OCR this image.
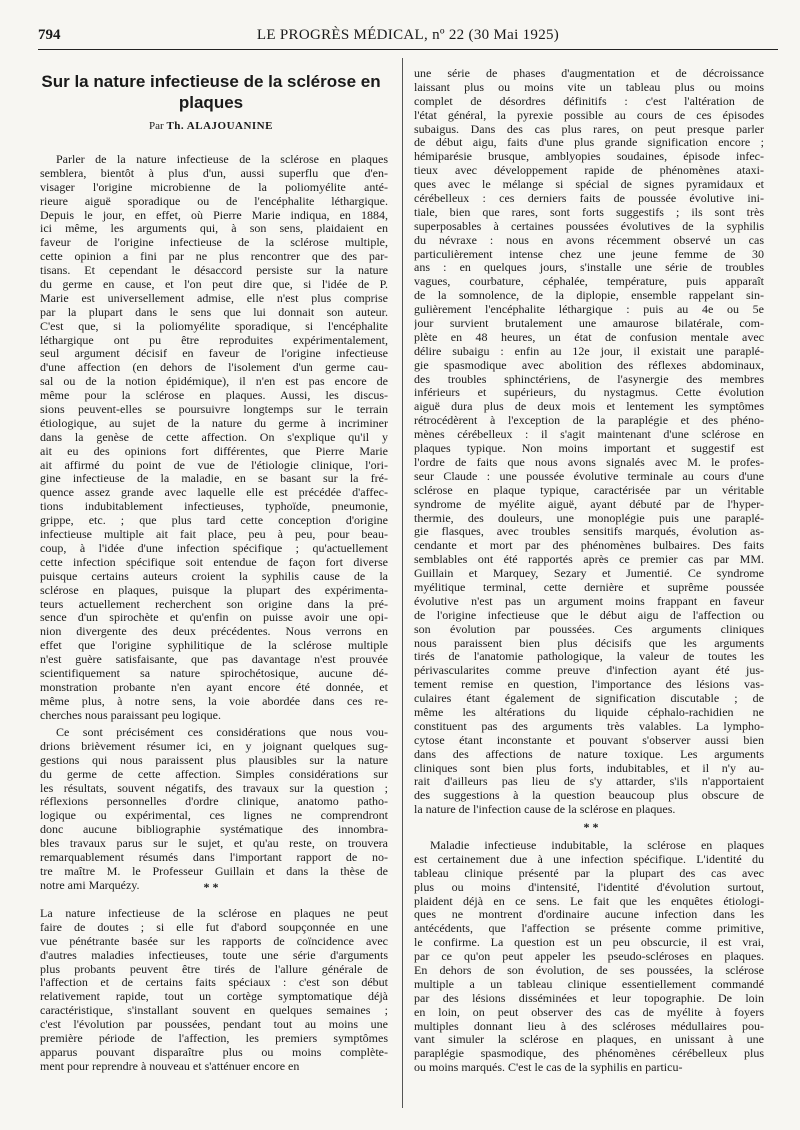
794	LE PROGRÈS MÉDICAL, nº 22 (30 Mai 1925)
Sur la nature infectieuse de la sclérose en plaques
Par Th. ALAJOUANINE
Parler de la nature infectieuse de la sclérose en plaques
semblera, bientôt à plus d'un, aussi superflu que d'en-
visager l'origine microbienne de la poliomyélite anté-
rieure aiguë sporadique ou de l'encéphalite léthargique.
Depuis le jour, en effet, où Pierre Marie indiqua, en 1884,
ici même, les arguments qui, à son sens, plaidaient en
faveur de l'origine infectieuse de la sclérose multiple,
cette opinion a fini par ne plus rencontrer que des par-
tisans. Et cependant le désaccord persiste sur la nature
du germe en cause, et l'on peut dire que, si l'idée de P.
Marie est universellement admise, elle n'est plus comprise
par la plupart dans le sens que lui donnait son auteur.
C'est que, si la poliomyélite sporadique, si l'encéphalite
léthargique ont pu être reproduites expérimentalement,
seul argument décisif en faveur de l'origine infectieuse
d'une affection (en dehors de l'isolement d'un germe cau-
sal ou de la notion épidémique), il n'en est pas encore de
même pour la sclérose en plaques. Aussi, les discus-
sions peuvent-elles se poursuivre longtemps sur le terrain
étiologique, au sujet de la nature du germe à incriminer
dans la genèse de cette affection. On s'explique qu'il y
ait eu des opinions fort différentes, que Pierre Marie
ait affirmé du point de vue de l'étiologie clinique, l'ori-
gine infectieuse de la maladie, en se basant sur la fré-
quence assez grande avec laquelle elle est précédée d'affec-
tions indubitablement infectieuses, typhoïde, pneumonie,
grippe, etc. ; que plus tard cette conception d'origine
infectieuse multiple ait fait place, peu à peu, pour beau-
coup, à l'idée d'une infection spécifique ; qu'actuellement
cette infection spécifique soit entendue de façon fort diverse
puisque certains auteurs croient la syphilis cause de la
sclérose en plaques, puisque la plupart des expérimenta-
teurs actuellement recherchent son origine dans la pré-
sence d'un spirochète et qu'enfin on puisse avoir une opi-
nion divergente des deux précédentes. Nous verrons en
effet que l'origine syphilitique de la sclérose multiple
n'est guère satisfaisante, que pas davantage n'est prouvée
scientifiquement sa nature spirochétosique, aucune dé-
monstration probante n'en ayant encore été donnée, et
même plus, à notre sens, la voie abordée dans ces re-
cherches nous paraissant peu logique.
Ce sont précisément ces considérations que nous vou-
drions brièvement résumer ici, en y joignant quelques sug-
gestions qui nous paraissent plus plausibles sur la nature
du germe de cette affection. Simples considérations sur
les résultats, souvent négatifs, des travaux sur la question ;
réflexions personnelles d'ordre clinique, anatomo patho-
logique ou expérimental, ces lignes ne comprendront
donc aucune bibliographie systématique des innombra-
bles travaux parus sur le sujet, et qu'au reste, on trouvera
remarquablement résumés dans l'important rapport de no-
tre maître M. le Professeur Guillain et dans la thèse de
notre ami Marquézy.	* *
La nature infectieuse de la sclérose en plaques ne peut
faire de doutes ; si elle fut d'abord soupçonnée en une
vue pénétrante basée sur les rapports de coïncidence avec
d'autres maladies infectieuses, toute une série d'arguments
plus probants peuvent être tirés de l'allure générale de
l'affection et de certains faits spéciaux : c'est son début
relativement rapide, tout un cortège symptomatique déjà
caractéristique, s'installant souvent en quelques semaines ;
c'est l'évolution par poussées, pendant tout au moins une
première période de l'affection, les premiers symptômes
apparus pouvant disparaître plus ou moins complète-
ment pour reprendre à nouveau et s'atténuer encore en
une série de phases d'augmentation et de décroissance
laissant plus ou moins vite un tableau plus ou moins
complet de désordres définitifs : c'est l'altération de
l'état général, la pyrexie possible au cours de ces épisodes
subaigus. Dans des cas plus rares, on peut presque parler
de début aigu, faits d'une plus grande signification encore ;
hémiparésie brusque, amblyopies soudaines, épisode infec-
tieux avec développement rapide de phénomènes ataxi-
ques avec le mélange si spécial de signes pyramidaux et
cérébelleux : ces derniers faits de poussée évolutive ini-
tiale, bien que rares, sont forts suggestifs ; ils sont très
superposables à certaines poussées évolutives de la syphilis
du névraxe : nous en avons récemment observé un cas
particulièrement intense chez une jeune femme de 30
ans : en quelques jours, s'installe une série de troubles
vagues, courbature, céphalée, température, puis apparaît
de la somnolence, de la diplopie, ensemble rappelant sin-
gulièrement l'encéphalite léthargique : puis au 4e ou 5e
jour survient brutalement une amaurose bilatérale, com-
plète en 48 heures, un état de confusion mentale avec
délire subaigu : enfin au 12e jour, il existait une paraplé-
gie spasmodique avec abolition des réflexes abdominaux,
des troubles sphinctériens, de l'asynergie des membres
inférieurs et supérieurs, du nystagmus. Cette évolution
aiguë dura plus de deux mois et lentement les symptômes
rétrocédèrent à l'exception de la paraplégie et des phéno-
mènes cérébelleux : il s'agit maintenant d'une sclérose en
plaques typique. Non moins important et suggestif est
l'ordre de faits que nous avons signalés avec M. le profes-
seur Claude : une poussée évolutive terminale au cours d'une
sclérose en plaque typique, caractérisée par un véritable
syndrome de myélite aiguë, ayant débuté par de l'hyper-
thermie, des douleurs, une monoplégie puis une paraplé-
gie flasques, avec troubles sensitifs marqués, évolution as-
cendante et mort par des phénomènes bulbaires. Des faits
semblables ont été rapportés après ce premier cas par MM.
Guillain et Marquey, Sezary et Jumentié. Ce syndrome
myélitique terminal, cette dernière et suprême poussée
évolutive n'est pas un argument moins frappant en faveur
de l'origine infectieuse que le début aigu de l'affection ou
son évolution par poussées. Ces arguments cliniques
nous paraissent bien plus décisifs que les arguments
tirés de l'anatomie pathologique, la valeur de toutes les
périvascularites comme preuve d'infection ayant été jus-
tement remise en question, l'importance des lésions vas-
culaires étant également de signification discutable ; de
même les altérations du liquide céphalo-rachidien ne
constituent pas des arguments très valables. La lympho-
cytose étant inconstante et pouvant s'observer aussi bien
dans des affections de nature toxique. Les arguments
cliniques sont bien plus forts, indubitables, et il n'y au-
rait d'ailleurs pas lieu de s'y attarder, s'ils n'apportaient
des suggestions à la question beaucoup plus obscure de
la nature de l'infection cause de la sclérose en plaques.
* *
Maladie infectieuse indubitable, la sclérose en plaques
est certainement due à une infection spécifique. L'identité du
tableau clinique présenté par la plupart des cas avec
plus ou moins d'intensité, l'identité d'évolution surtout,
plaident déjà en ce sens. Le fait que les enquêtes étiologi-
ques ne montrent d'ordinaire aucune infection dans les
antécédents, que l'affection se présente comme primitive,
le confirme. La question est un peu obscurcie, il est vrai,
par ce qu'on peut appeler les pseudo-scléroses en plaques.
En dehors de son évolution, de ses poussées, la sclérose
multiple a un tableau clinique essentiellement commandé
par des lésions disséminées et leur topographie. De loin
en loin, on peut observer des cas de myélite à foyers
multiples donnant lieu à des scléroses médullaires pou-
vant simuler la sclérose en plaques, en unissant à une
paraplégie spasmodique, des phénomènes cérébelleux plus
ou moins marqués. C'est le cas de la syphilis en particu-
